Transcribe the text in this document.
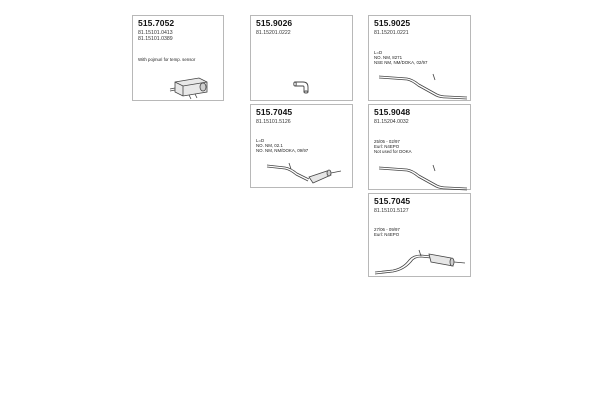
515.7052
81.15101.0413
81.15101.0389
With pojmuri for temp. sensor
515.9026
81.15201.0222
515.9025
81.15201.0221
L=D
NO. NM, 8271
NSE NM, NM/DOKA, 02/97
515.7045
81.15101.5126
L=D
NO. NM, 02.1
NO. NM, NM/DOKA, 09/97
515.9048
81.15204.0032
25/05 - 02/97
Eurl: N4EPO
Not used for DOKA
515.7045
81.15101.5127
27/06 - 09/97
Eurl: N4EPO
